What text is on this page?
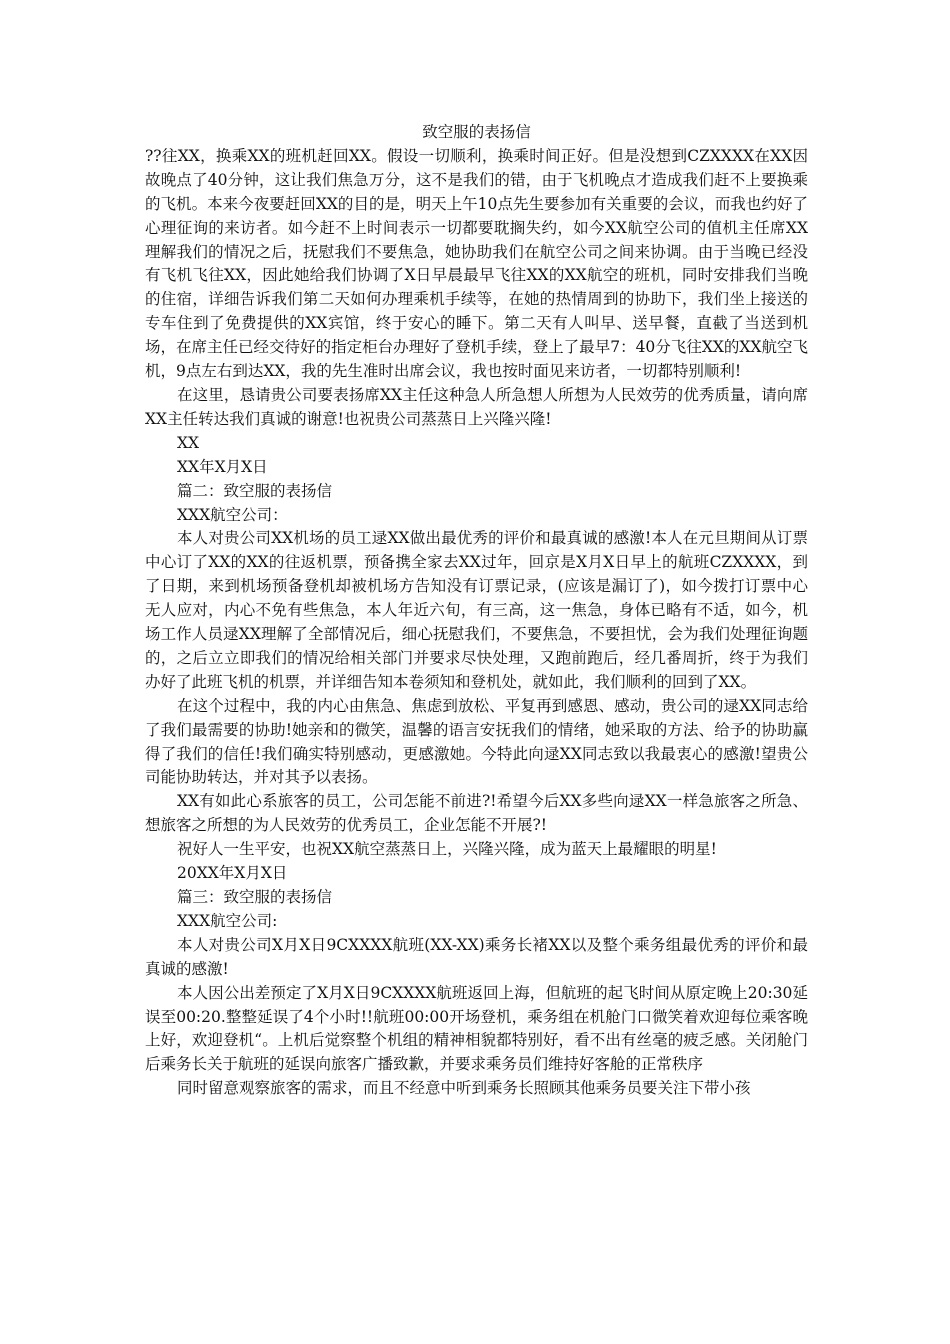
致空服的表扬信

??往XX，换乘XX的班机赶回XX。假设一切顺利，换乘时间正好。但是没想到CZXXXX在XX因故晚点了40分钟，这让我们焦急万分，这不是我们的错，由于飞机晚点才造成我们赶不上要换乘的飞机。本来今夜要赶回XX的目的是，明天上午10点先生要参加有关重要的会议，而我也约好了心理征询的来访者。如今赶不上时间表示一切都要耽搁失约，如今XX航空公司的值机主任席XX理解我们的情况之后，抚慰我们不要焦急，她协助我们在航空公司之间来协调。由于当晚已经没有飞机飞往XX，因此她给我们协调了X日早晨最早飞往XX的XX航空的班机，同时安排我们当晚的住宿，详细告诉我们第二天如何办理乘机手续等，在她的热情周到的协助下，我们坐上接送的专车住到了免费提供的XX宾馆，终于安心的睡下。第二天有人叫早、送早餐，直截了当送到机场，在席主任已经交待好的指定柜台办理好了登机手续，登上了最早7：40分飞往XX的XX航空飞机，9点左右到达XX，我的先生准时出席会议，我也按时面见来访者，一切都特别顺利!

在这里，恳请贵公司要表扬席XX主任这种急人所急想人所想为人民效劳的优秀质量，请向席XX主任转达我们真诚的谢意!也祝贵公司蒸蒸日上兴隆兴隆!

XX

XX年X月X日

篇二：致空服的表扬信

XXX航空公司：

本人对贵公司XX机场的员工逯XX做出最优秀的评价和最真诚的感激!本人在元旦期间从订票中心订了XX的XX的往返机票，预备携全家去XX过年，回京是X月X日早上的航班CZXXXX，到了日期，来到机场预备登机却被机场方告知没有订票记录，(应该是漏订了)，如今拨打订票中心无人应对，内心不免有些焦急，本人年近六旬，有三高，这一焦急，身体已略有不适，如今，机场工作人员逯XX理解了全部情况后，细心抚慰我们，不要焦急，不要担忧，会为我们处理征询题的，之后立立即我们的情况给相关部门并要求尽快处理，又跑前跑后，经几番周折，终于为我们办好了此班飞机的机票，并详细告知本卷须知和登机处，就如此，我们顺利的回到了XX。

在这个过程中，我的内心由焦急、焦虑到放松、平复再到感恩、感动，贵公司的逯XX同志给了我们最需要的协助!她亲和的微笑，温馨的语言安抚我们的情绪，她采取的方法、给予的协助赢得了我们的信任!我们确实特别感动，更感激她。今特此向逯XX同志致以我最衷心的感激!望贵公司能协助转达，并对其予以表扬。

XX有如此心系旅客的员工，公司怎能不前进?!希望今后XX多些向逯XX一样急旅客之所急、想旅客之所想的为人民效劳的优秀员工，企业怎能不开展?!

祝好人一生平安，也祝XX航空蒸蒸日上，兴隆兴隆，成为蓝天上最耀眼的明星!

20XX年X月X日

篇三：致空服的表扬信

XXX航空公司:

本人对贵公司X月X日9CXXXX航班(XX-XX)乘务长褚XX以及整个乘务组最优秀的评价和最真诚的感激!

本人因公出差预定了X月X日9CXXXX航班返回上海，但航班的起飞时间从原定晚上20:30延误至00:20.整整延误了4个小时!!航班00:00开场登机，乘务组在机舱门口微笑着欢迎每位乘客晚上好，欢迎登机“。上机后觉察整个机组的精神相貌都特别好，看不出有丝毫的疲乏感。关闭舱门后乘务长关于航班的延误向旅客广播致歉，并要求乘务员们维持好客舱的正常秩序

同时留意观察旅客的需求，而且不经意中听到乘务长照顾其他乘务员要关注下带小孩
